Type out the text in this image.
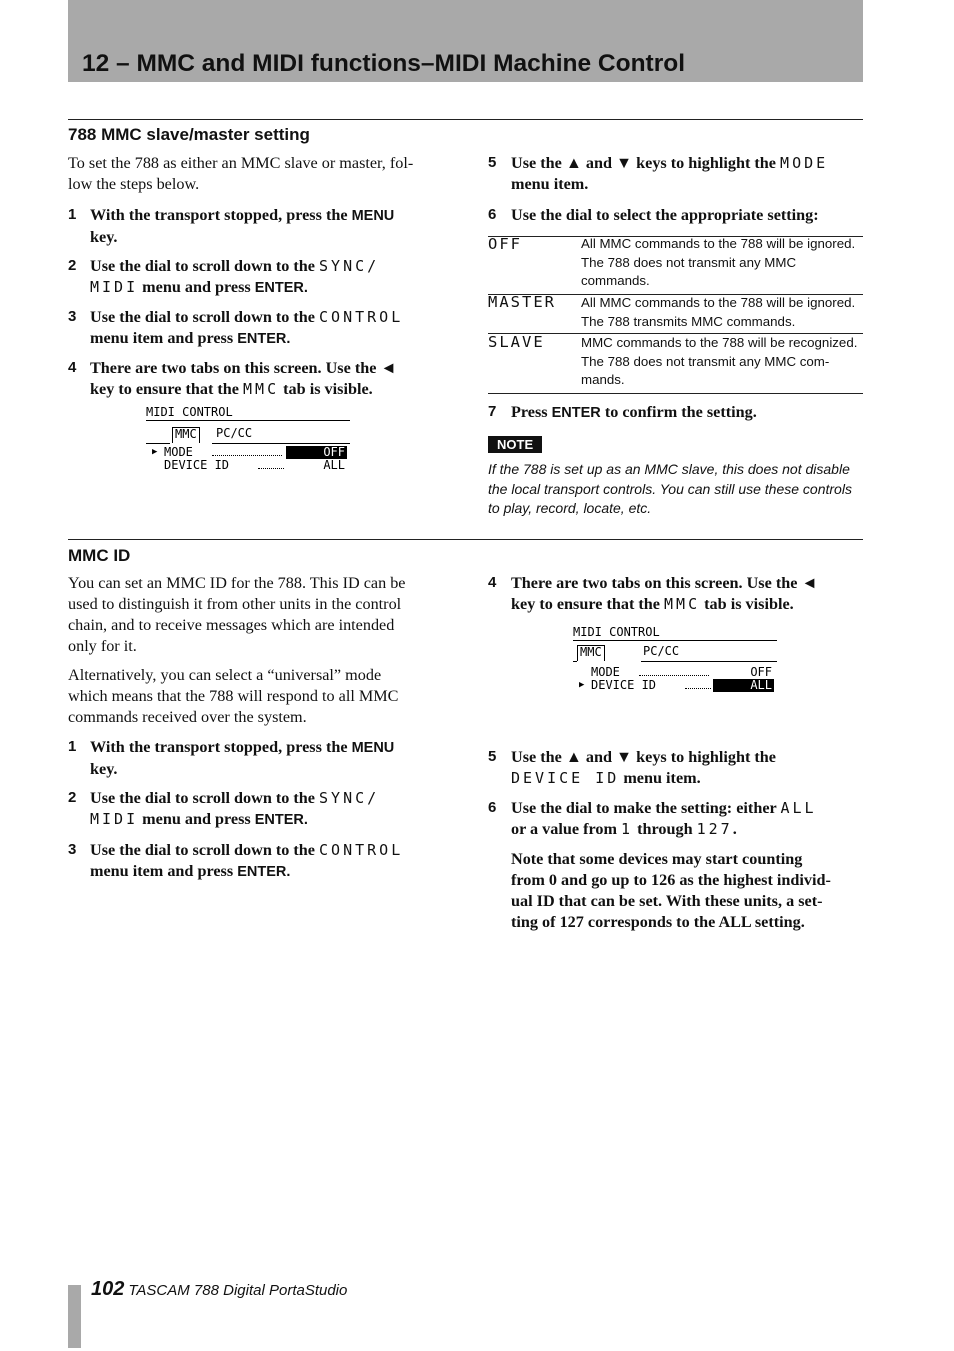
12 – MMC and MIDI functions–MIDI Machine Control
788 MMC slave/master setting
To set the 788 as either an MMC slave or master, fol-
low the steps below.
1 With the transport stopped, press the MENU
key.
2 Use the dial to scroll down to the SYNC/
MIDI menu and press ENTER.
3 Use the dial to scroll down to the CONTROL
menu item and press ENTER.
4 There are two tabs on this screen. Use the ◄
key to ensure that the MMC tab is visible.
MIDI CONTROL
MMC PC/CC
▶ MODE	OFF
DEVICE ID	ALL
5 Use the ▲ and ▼ keys to highlight the MODE
menu item.
6 Use the dial to select the appropriate setting:
OFF	All MMC commands to the 788 will be ignored.
The 788 does not transmit any MMC
commands.
MASTER All MMC commands to the 788 will be ignored.
The 788 transmits MMC commands.
SLAVE	MMC commands to the 788 will be recognized.
The 788 does not transmit any MMC com-
mands.
7 Press ENTER to confirm the setting.
NOTE
If the 788 is set up as an MMC slave, this does not disable
the local transport controls. You can still use these controls
to play, record, locate, etc.
MMC ID
You can set an MMC ID for the 788. This ID can be
used to distinguish it from other units in the control
chain, and to receive messages which are intended
only for it.
Alternatively, you can select a “universal” mode
which means that the 788 will respond to all MMC
commands received over the system.
1 With the transport stopped, press the MENU
key.
2 Use the dial to scroll down to the SYNC/
MIDI menu and press ENTER.
3 Use the dial to scroll down to the CONTROL
menu item and press ENTER.
4 There are two tabs on this screen. Use the ◄
key to ensure that the MMC tab is visible.
MIDI CONTROL
MMC	PC/CC
MODE	OFF
▶ DEVICE ID	ALL
5 Use the ▲ and ▼ keys to highlight the
DEVICE ID menu item.
6 Use the dial to make the setting: either ALL
or a value from 1 through 127.
Note that some devices may start counting
from 0 and go up to 126 as the highest individ-
ual ID that can be set. With these units, a set-
ting of 127 corresponds to the ALL setting.
102 TASCAM 788 Digital PortaStudio
